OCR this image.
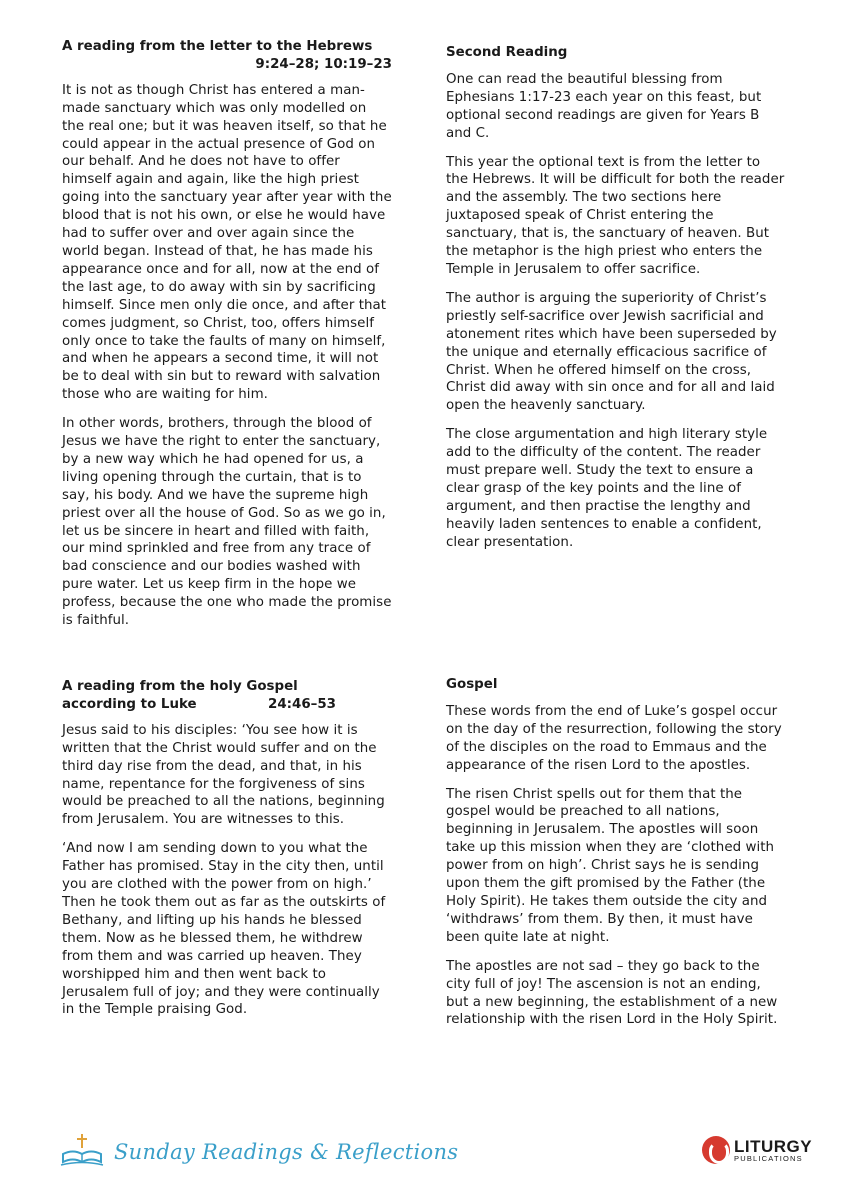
A reading from the letter to the Hebrews
9:24–28; 10:19–23

It is not as though Christ has entered a man-made sanctuary which was only modelled on the real one; but it was heaven itself, so that he could appear in the actual presence of God on our behalf. And he does not have to offer himself again and again, like the high priest going into the sanctuary year after year with the blood that is not his own, or else he would have had to suffer over and over again since the world began. Instead of that, he has made his appearance once and for all, now at the end of the last age, to do away with sin by sacrificing himself. Since men only die once, and after that comes judgment, so Christ, too, offers himself only once to take the faults of many on himself, and when he appears a second time, it will not be to deal with sin but to reward with salvation those who are waiting for him.

In other words, brothers, through the blood of Jesus we have the right to enter the sanctuary, by a new way which he had opened for us, a living opening through the curtain, that is to say, his body. And we have the supreme high priest over all the house of God. So as we go in, let us be sincere in heart and filled with faith, our mind sprinkled and free from any trace of bad conscience and our bodies washed with pure water. Let us keep firm in the hope we profess, because the one who made the promise is faithful.

Second Reading

One can read the beautiful blessing from Ephesians 1:17-23 each year on this feast, but optional second readings are given for Years B and C.

This year the optional text is from the letter to the Hebrews. It will be difficult for both the reader and the assembly. The two sections here juxtaposed speak of Christ entering the sanctuary, that is, the sanctuary of heaven. But the metaphor is the high priest who enters the Temple in Jerusalem to offer sacrifice.

The author is arguing the superiority of Christ’s priestly self-sacrifice over Jewish sacrificial and atonement rites which have been superseded by the unique and eternally efficacious sacrifice of Christ. When he offered himself on the cross, Christ did away with sin once and for all and laid open the heavenly sanctuary.

The close argumentation and high literary style add to the difficulty of the content. The reader must prepare well. Study the text to ensure a clear grasp of the key points and the line of argument, and then practise the lengthy and heavily laden sentences to enable a confident, clear presentation.

A reading from the holy Gospel
according to Luke	24:46–53

Jesus said to his disciples: ‘You see how it is written that the Christ would suffer and on the third day rise from the dead, and that, in his name, repentance for the forgiveness of sins would be preached to all the nations, beginning from Jerusalem. You are witnesses to this.

‘And now I am sending down to you what the Father has promised. Stay in the city then, until you are clothed with the power from on high.’ Then he took them out as far as the outskirts of Bethany, and lifting up his hands he blessed them. Now as he blessed them, he withdrew from them and was carried up heaven. They worshipped him and then went back to Jerusalem full of joy; and they were continually in the Temple praising God.

Gospel

These words from the end of Luke’s gospel occur on the day of the resurrection, following the story of the disciples on the road to Emmaus and the appearance of the risen Lord to the apostles.

The risen Christ spells out for them that the gospel would be preached to all nations, beginning in Jerusalem. The apostles will soon take up this mission when they are ‘clothed with power from on high’. Christ says he is sending upon them the gift promised by the Father (the Holy Spirit). He takes them outside the city and ‘withdraws’ from them. By then, it must have been quite late at night.

The apostles are not sad – they go back to the city full of joy! The ascension is not an ending, but a new beginning, the establishment of a new relationship with the risen Lord in the Holy Spirit.

Sunday Readings & Reflections	LITURGY
PUBLICATIONS
